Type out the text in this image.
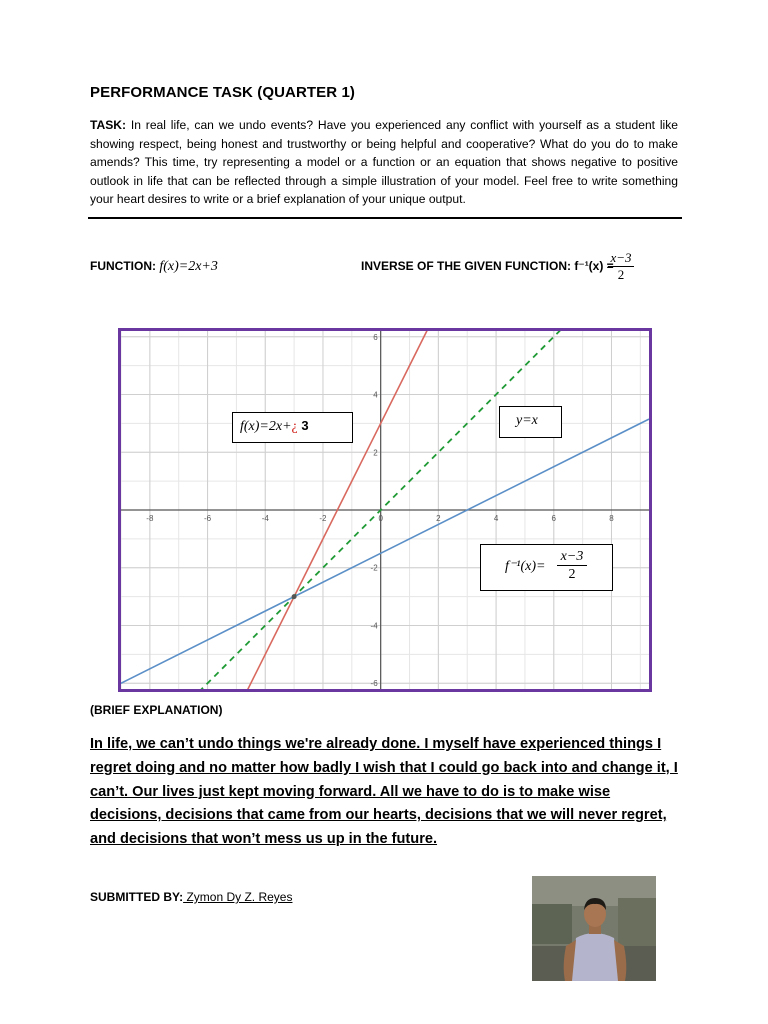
PERFORMANCE TASK (QUARTER 1)
TASK: In real life, can we undo events? Have you experienced any conflict with yourself as a student like showing respect, being honest and trustworthy or being helpful and cooperative? What do you do to make amends? This time, try representing a model or a function or an equation that shows negative to positive outlook in life that can be reflected through a simple illustration of your model. Feel free to write something your heart desires to write or a brief explanation of your unique output.
FUNCTION: f(x)=2x+3	INVERSE OF THE GIVEN FUNCTION: f⁻¹(x) =
$\frac{x-3}{2}$
-8	-6	-4	-2	0	2	4	6	8
-6
-4
-2
2
4
6
f(x)=2x+¿ 3	y=x
f⁻¹(x)=
x−3
2
(BRIEF EXPLANATION)
In life, we can’t undo things we're already done. I myself have experienced things I regret doing and no matter how badly I wish that I could go back into and change it, I can’t. Our lives just kept moving forward. All we have to do is to make wise decisions, decisions that came from our hearts, decisions that we will never regret, and decisions that won’t mess us up in the future.
SUBMITTED BY: Zymon Dy Z. Reyes
